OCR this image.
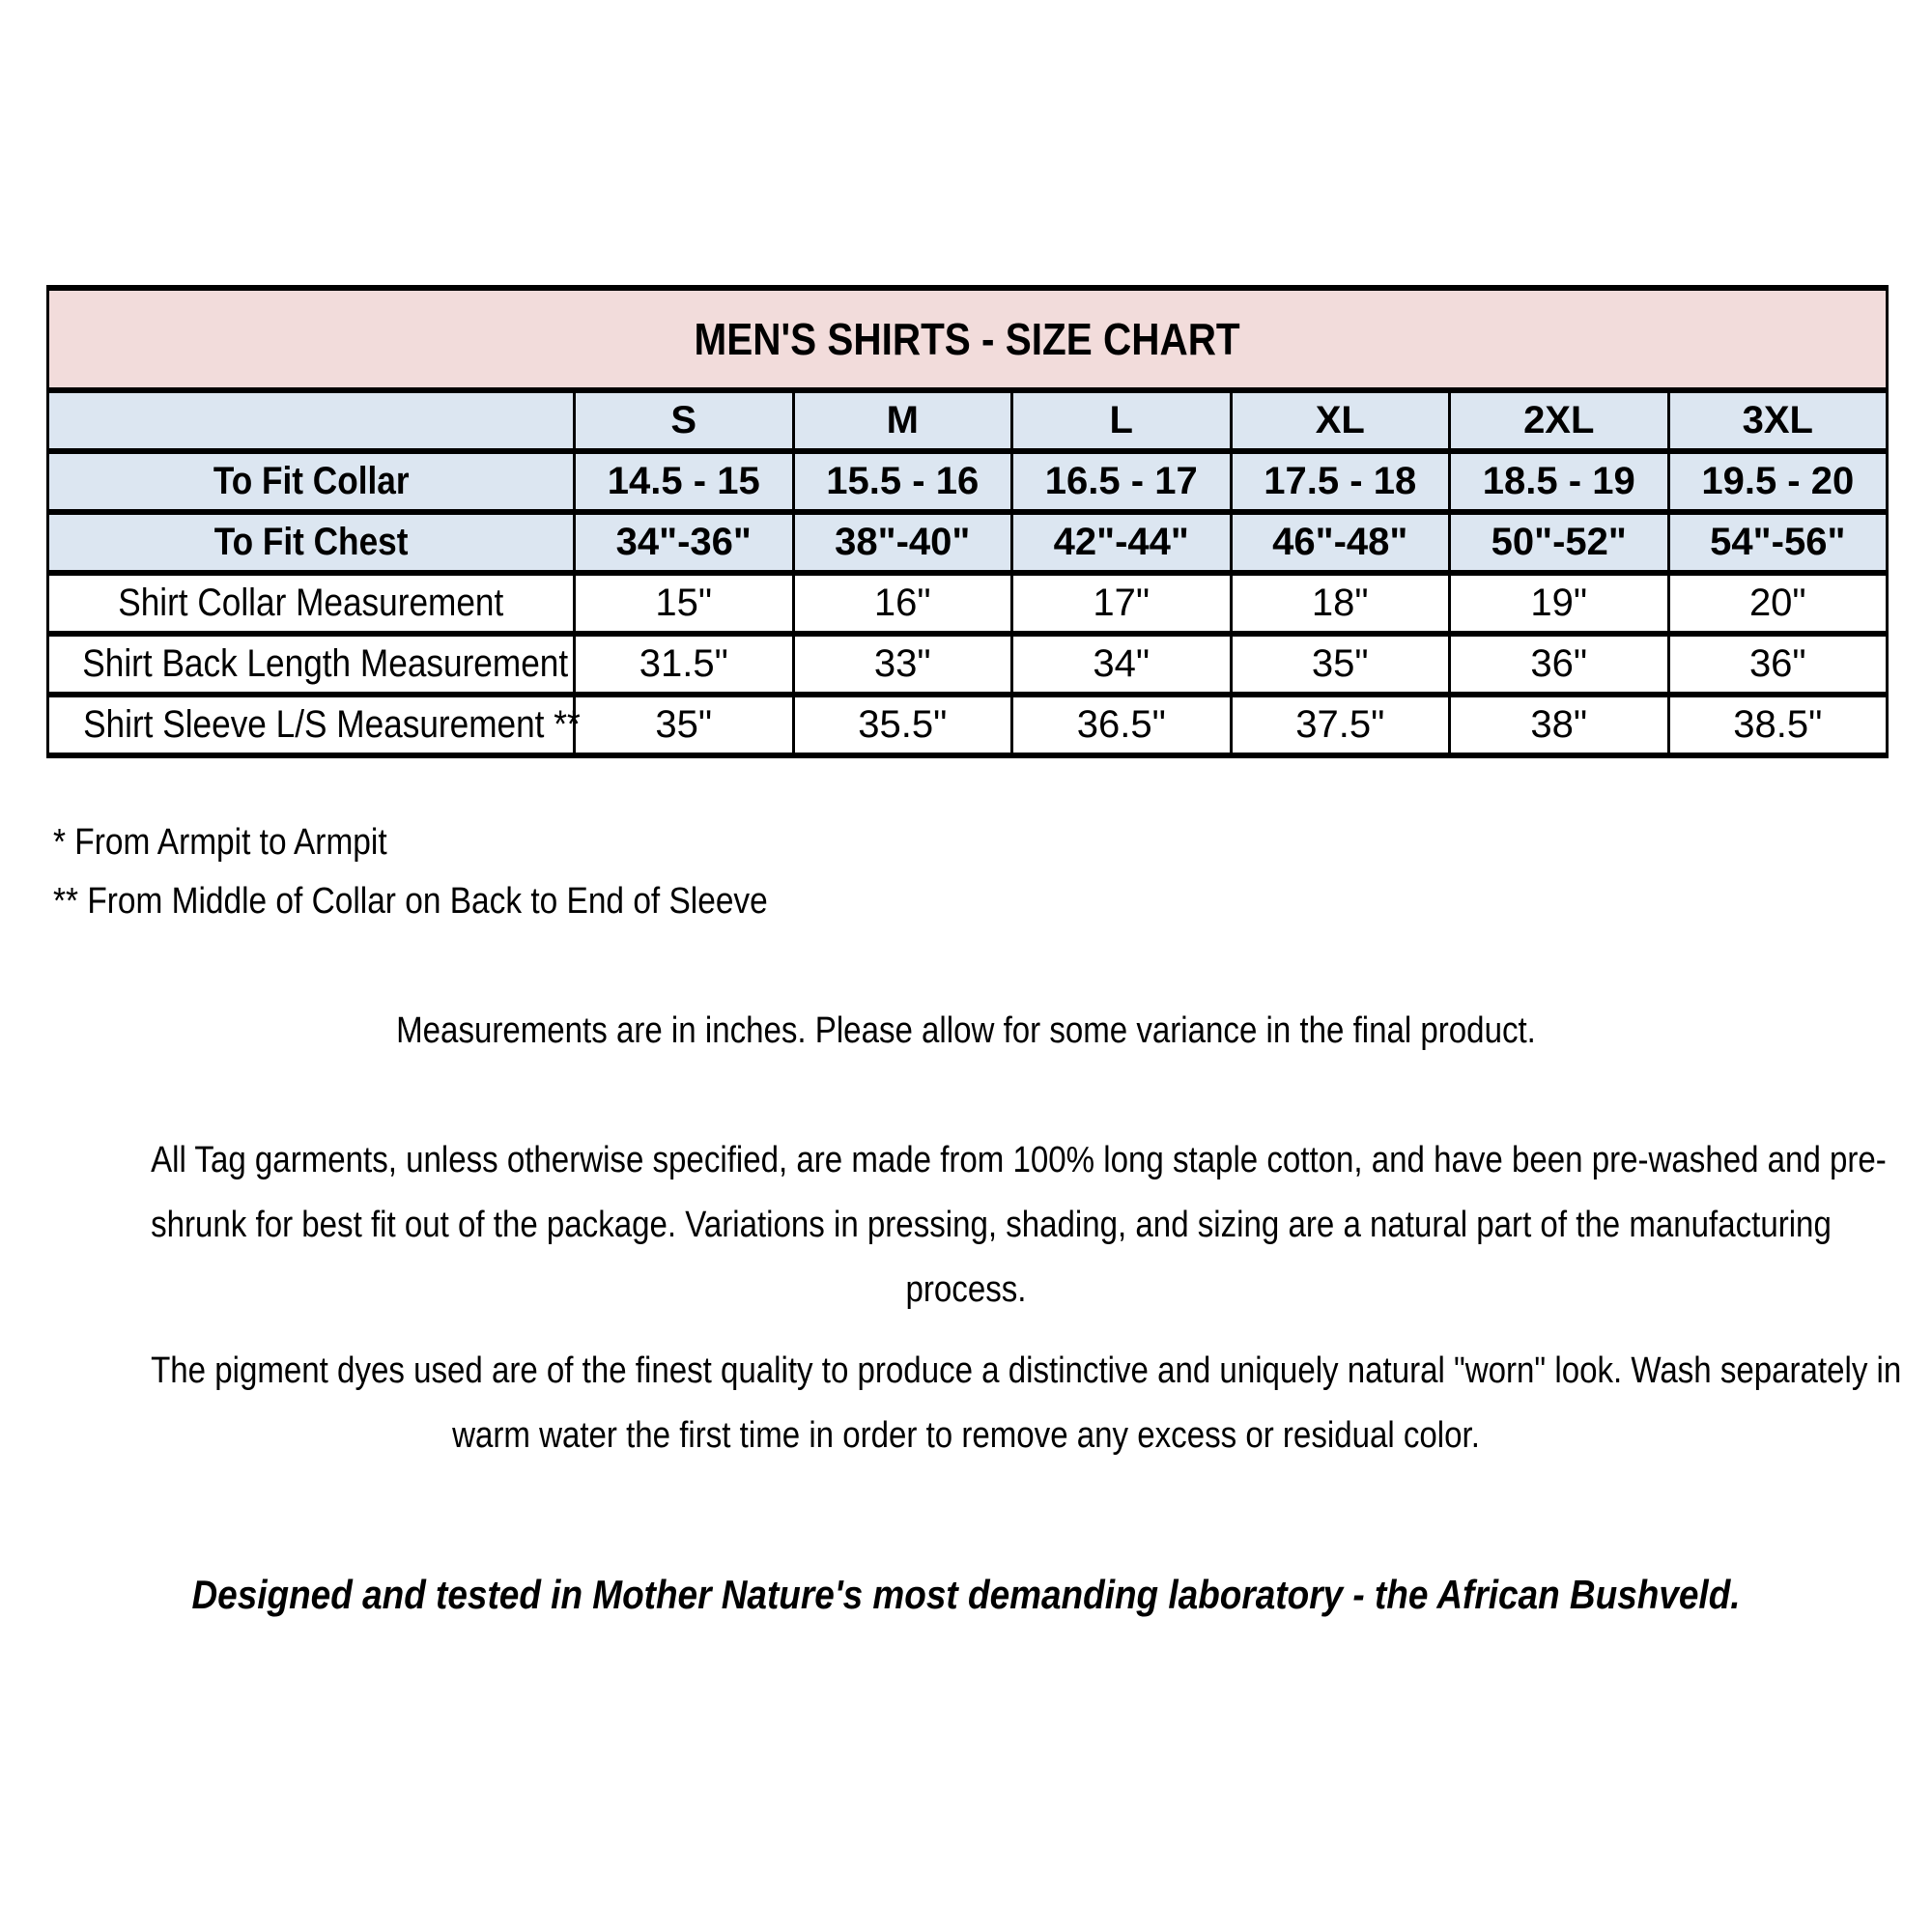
MEN'S SHIRTS - SIZE CHART						
	S	M	L	XL	2XL	3XL
To Fit Collar	14.5 - 15	15.5 - 16	16.5 - 17	17.5 - 18	18.5 - 19	19.5 - 20
To Fit Chest	34"-36"	38"-40"	42"-44"	46"-48"	50"-52"	54"-56"
Shirt Collar Measurement	15"	16"	17"	18"	19"	20"
Shirt Back Length Measurement	31.5"	33"	34"	35"	36"	36"
Shirt Sleeve L/S Measurement **	35"	35.5"	36.5"	37.5"	38"	38.5"
* From Armpit to Armpit
** From Middle of Collar on Back to End of Sleeve
Measurements are in inches. Please allow for some variance in the final product.
All Tag garments, unless otherwise specified, are made from 100% long staple cotton, and have been pre-washed and pre-
shrunk for best fit out of the package. Variations in pressing, shading, and sizing are a natural part of the manufacturing
process.
The pigment dyes used are of the finest quality to produce a distinctive and uniquely natural "worn" look. Wash separately in
warm water the first time in order to remove any excess or residual color.
Designed and tested in Mother Nature's most demanding laboratory - the African Bushveld.
